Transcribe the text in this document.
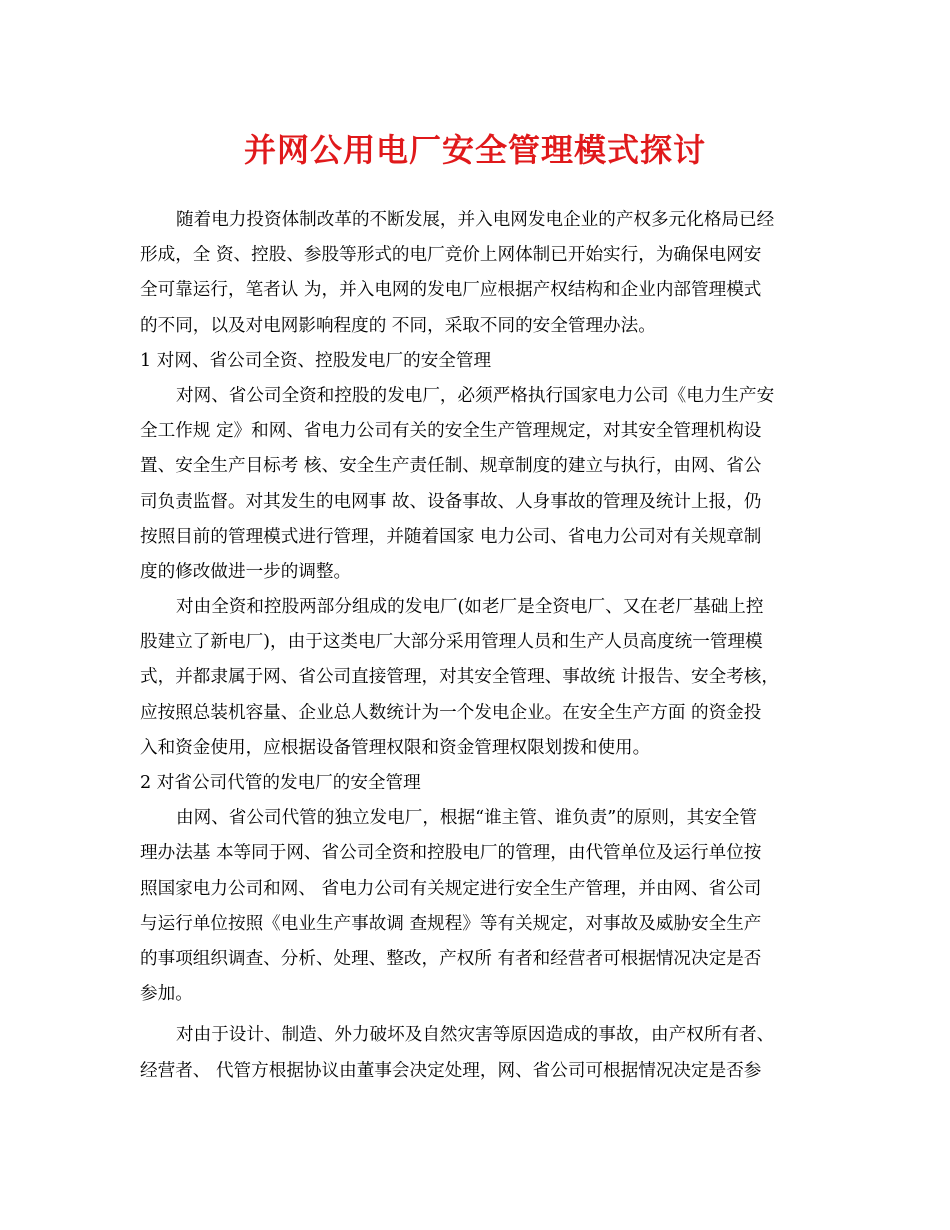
并网公用电厂安全管理模式探讨

随着电力投资体制改革的不断发展，并入电网发电企业的产权多元化格局已经
形成，全 资、控股、参股等形式的电厂竞价上网体制已开始实行，为确保电网安
全可靠运行，笔者认 为，并入电网的发电厂应根据产权结构和企业内部管理模式
的不同，以及对电网影响程度的 不同，采取不同的安全管理办法。

1 对网、省公司全资、控股发电厂的安全管理

对网、省公司全资和控股的发电厂，必须严格执行国家电力公司《电力生产安
全工作规 定》和网、省电力公司有关的安全生产管理规定，对其安全管理机构设
置、安全生产目标考 核、安全生产责任制、规章制度的建立与执行，由网、省公
司负责监督。对其发生的电网事 故、设备事故、人身事故的管理及统计上报，仍
按照目前的管理模式进行管理，并随着国家 电力公司、省电力公司对有关规章制
度的修改做进一步的调整。

对由全资和控股两部分组成的发电厂(如老厂是全资电厂、又在老厂基础上控
股建立了新电厂)，由于这类电厂大部分采用管理人员和生产人员高度统一管理模
式，并都隶属于网、省公司直接管理，对其安全管理、事故统 计报告、安全考核，
应按照总装机容量、企业总人数统计为一个发电企业。在安全生产方面 的资金投
入和资金使用，应根据设备管理权限和资金管理权限划拨和使用。

2 对省公司代管的发电厂的安全管理

由网、省公司代管的独立发电厂，根据“谁主管、谁负责”的原则，其安全管
理办法基 本等同于网、省公司全资和控股电厂的管理，由代管单位及运行单位按
照国家电力公司和网、 省电力公司有关规定进行安全生产管理，并由网、省公司
与运行单位按照《电业生产事故调 查规程》等有关规定，对事故及威胁安全生产
的事项组织调查、分析、处理、整改，产权所 有者和经营者可根据情况决定是否
参加。

对由于设计、制造、外力破坏及自然灾害等原因造成的事故，由产权所有者、
经营者、 代管方根据协议由董事会决定处理，网、省公司可根据情况决定是否参
